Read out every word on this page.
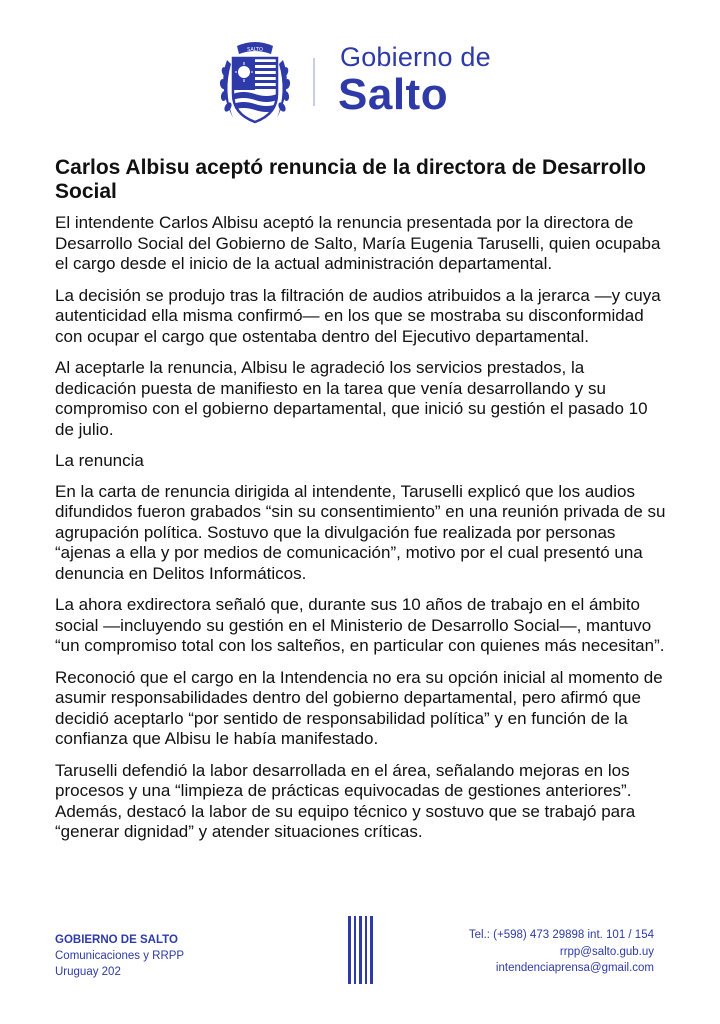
SALTO	Gobierno de
Salto
Carlos Albisu aceptó renuncia de la directora de Desarrollo Social

El intendente Carlos Albisu aceptó la renuncia presentada por la directora de Desarrollo Social del Gobierno de Salto, María Eugenia Taruselli, quien ocupaba el cargo desde el inicio de la actual administración departamental.

La decisión se produjo tras la filtración de audios atribuidos a la jerarca —y cuya autenticidad ella misma confirmó— en los que se mostraba su disconformidad con ocupar el cargo que ostentaba dentro del Ejecutivo departamental.

Al aceptarle la renuncia, Albisu le agradeció los servicios prestados, la dedicación puesta de manifiesto en la tarea que venía desarrollando y su compromiso con el gobierno departamental, que inició su gestión el pasado 10 de julio.

La renuncia

En la carta de renuncia dirigida al intendente, Taruselli explicó que los audios difundidos fueron grabados “sin su consentimiento” en una reunión privada de su agrupación política. Sostuvo que la divulgación fue realizada por personas “ajenas a ella y por medios de comunicación”, motivo por el cual presentó una denuncia en Delitos Informáticos.

La ahora exdirectora señaló que, durante sus 10 años de trabajo en el ámbito social —incluyendo su gestión en el Ministerio de Desarrollo Social—, mantuvo “un compromiso total con los salteños, en particular con quienes más necesitan”.

Reconoció que el cargo en la Intendencia no era su opción inicial al momento de asumir responsabilidades dentro del gobierno departamental, pero afirmó que decidió aceptarlo “por sentido de responsabilidad política” y en función de la confianza que Albisu le había manifestado.

Taruselli defendió la labor desarrollada en el área, señalando mejoras en los procesos y una “limpieza de prácticas equivocadas de gestiones anteriores”. Además, destacó la labor de su equipo técnico y sostuvo que se trabajó para “generar dignidad” y atender situaciones críticas.

GOBIERNO DE SALTO
Comunicaciones y RRPP
Uruguay 202
Tel.: (+598) 473 29898 int. 101 / 154
rrpp@salto.gub.uy
intendenciaprensa@gmail.com
